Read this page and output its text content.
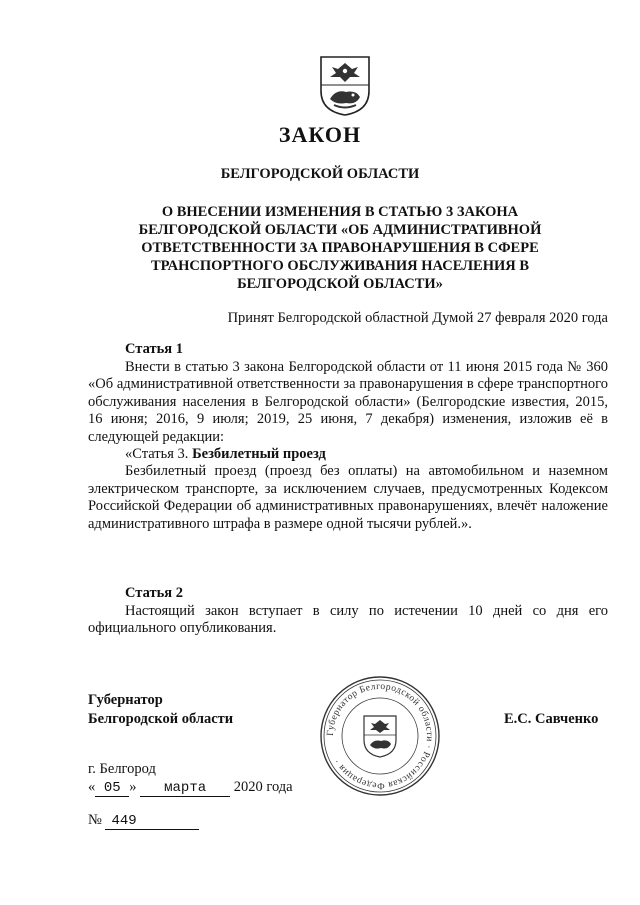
ЗАКОН
БЕЛГОРОДСКОЙ ОБЛАСТИ
О ВНЕСЕНИИ ИЗМЕНЕНИЯ В СТАТЬЮ 3 ЗАКОНА БЕЛГОРОДСКОЙ ОБЛАСТИ «ОБ АДМИНИСТРАТИВНОЙ ОТВЕТСТВЕННОСТИ ЗА ПРАВОНАРУШЕНИЯ В СФЕРЕ ТРАНСПОРТНОГО ОБСЛУЖИВАНИЯ НАСЕЛЕНИЯ В БЕЛГОРОДСКОЙ ОБЛАСТИ»
Принят Белгородской областной Думой 27 февраля 2020 года
Статья 1

Внести в статью 3 закона Белгородской области от 11 июня 2015 года № 360 «Об административной ответственности за правонарушения в сфере транспортного обслуживания населения в Белгородской области» (Белгородские известия, 2015, 16 июня; 2016, 9 июля; 2019, 25 июня, 7 декабря) изменения, изложив её в следующей редакции:

«Статья 3. Безбилетный проезд

Безбилетный проезд (проезд без оплаты) на автомобильном и наземном электрическом транспорте, за исключением случаев, предусмотренных Кодексом Российской Федерации об административных правонарушениях, влечёт наложение административного штрафа в размере одной тысячи рублей.».

Статья 2

Настоящий закон вступает в силу по истечении 10 дней со дня его официального опубликования.

Губернатор
Белгородской области	Е.С. Савченко
Губернатор Белгородской области · Российская Федерация ·
г. Белгород
« 05 » марта 2020 года
№ 449
